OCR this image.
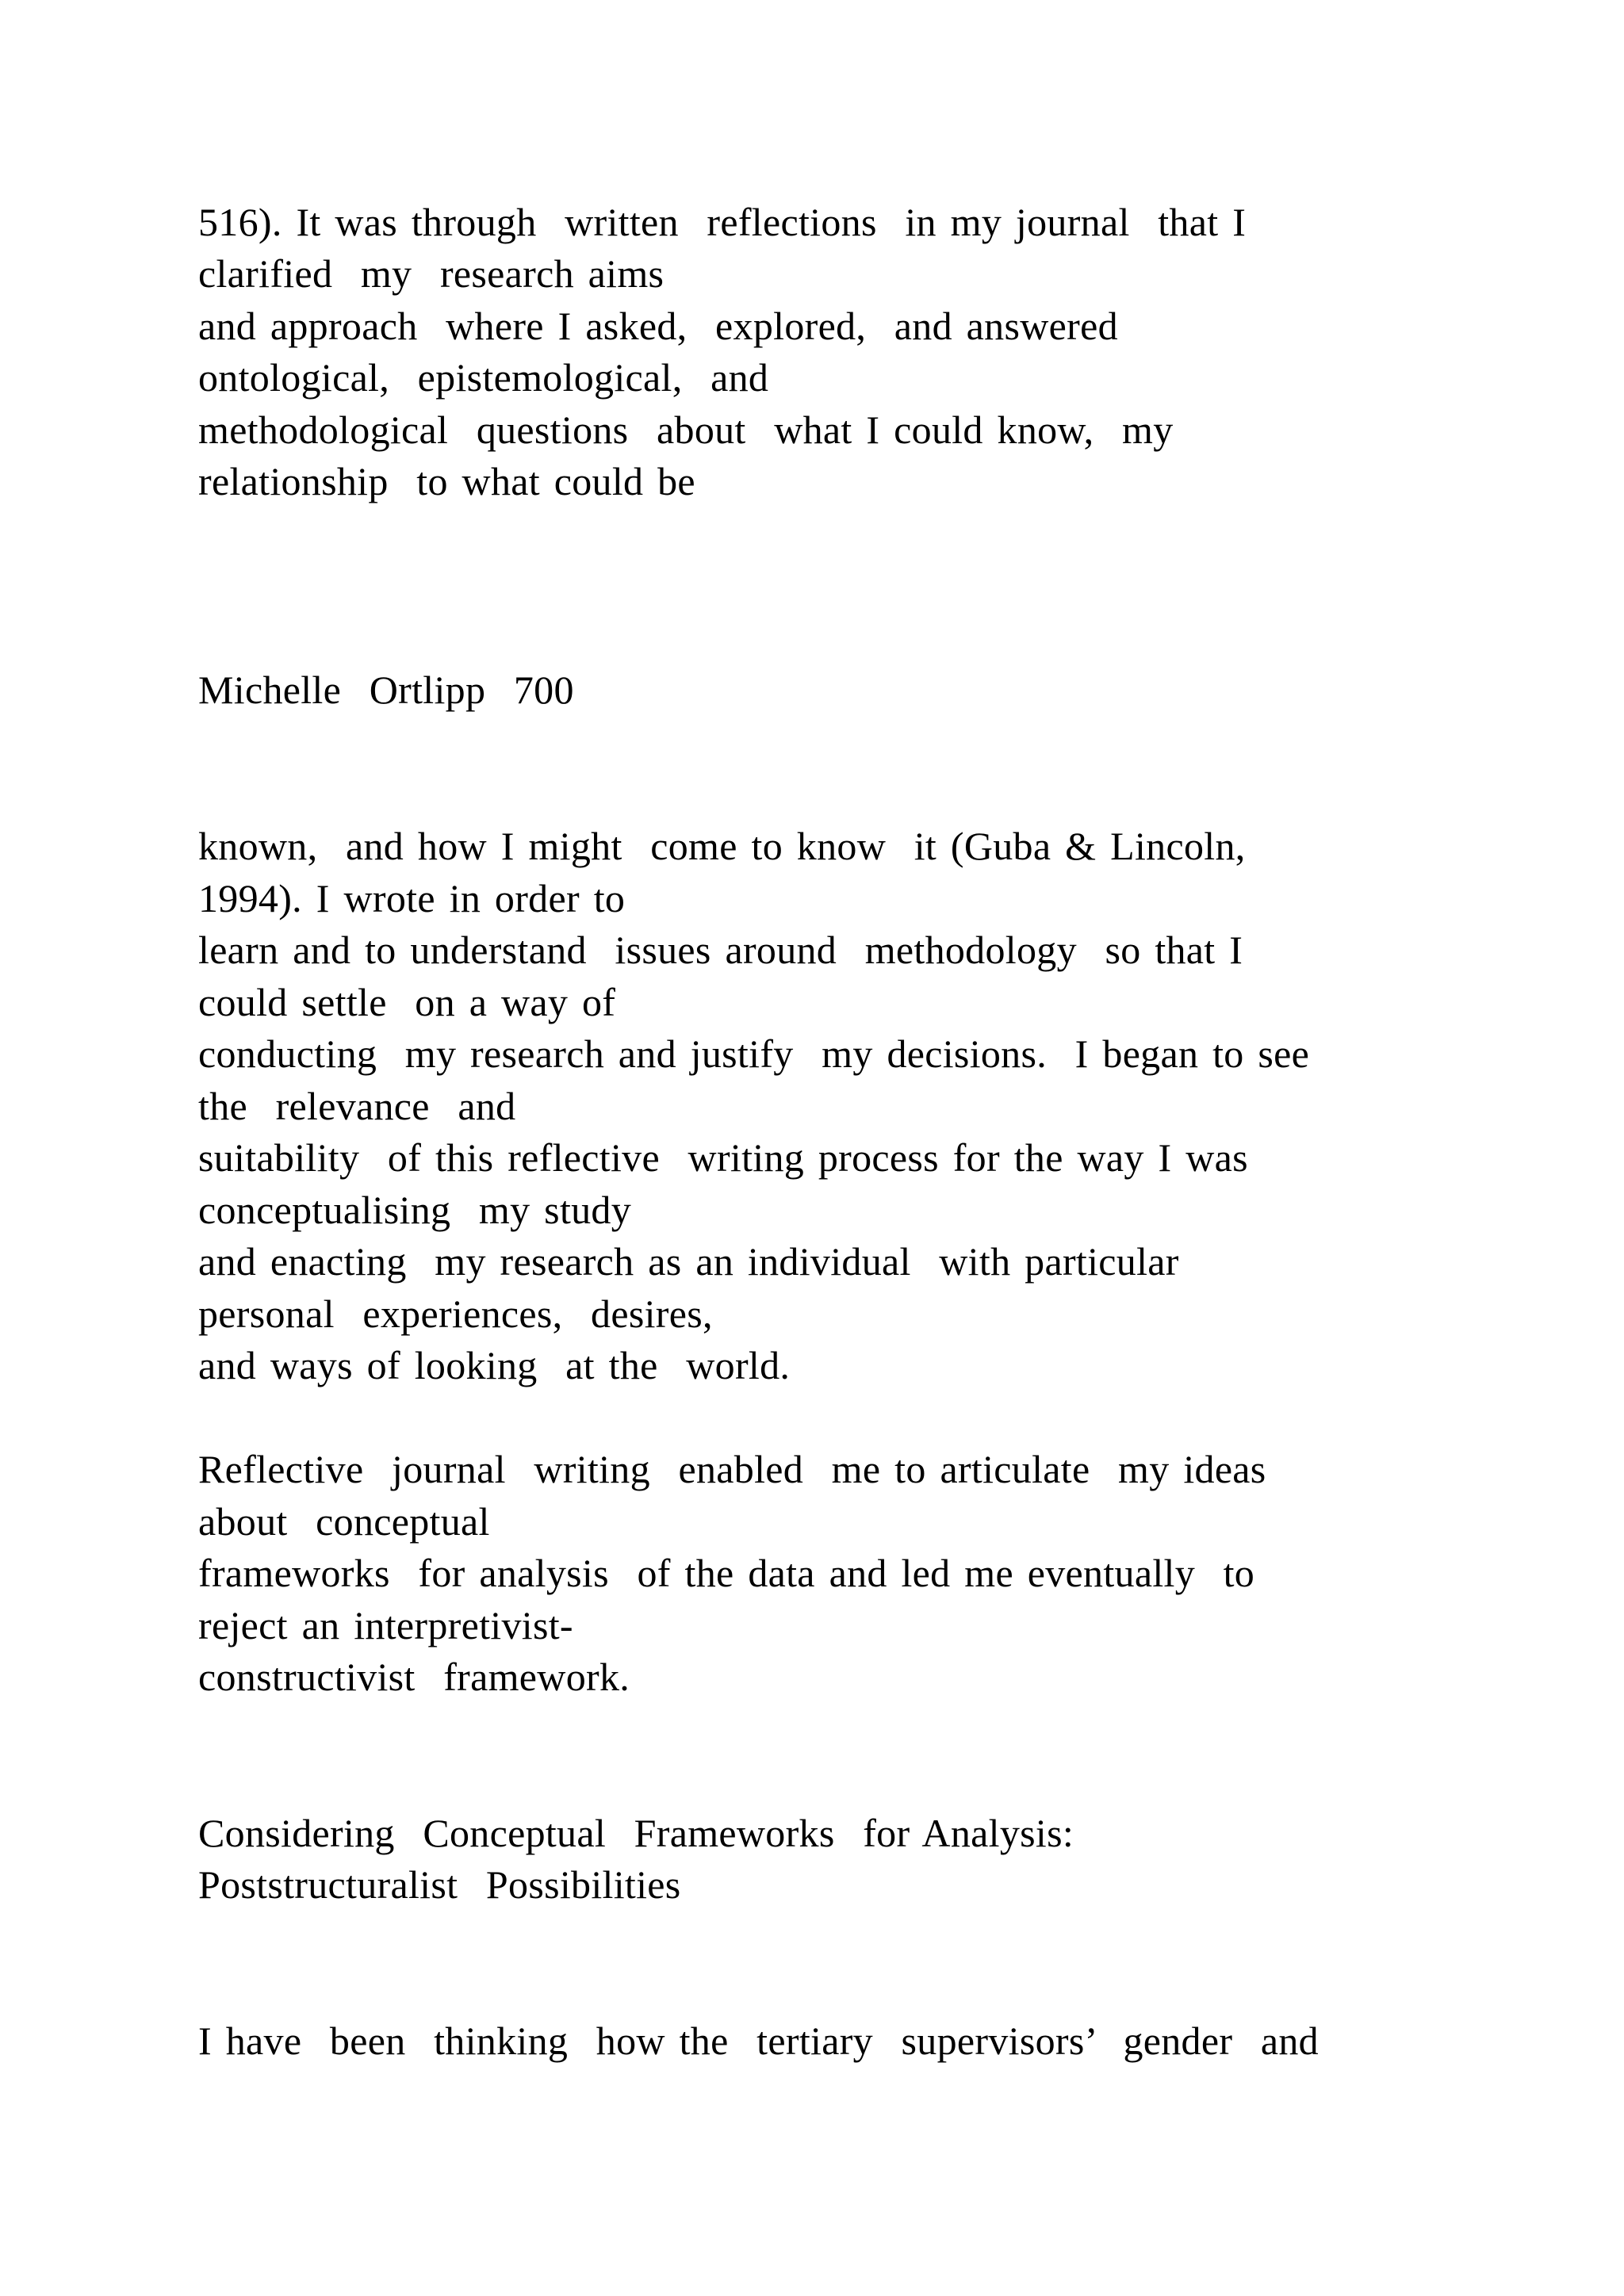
516). It was through  written  reflections  in my journal  that I

clarified  my  research aims

and approach  where I asked,  explored,  and answered

ontological,  epistemological,  and

methodological  questions  about  what I could know,  my

relationship  to what could be

Michelle  Ortlipp 700

known,  and how I might  come to know  it (Guba & Lincoln,

1994). I wrote in order to

learn and to understand  issues around  methodology  so that I

could settle  on a way of

conducting  my research and justify  my decisions.  I began to see

the  relevance  and

suitability  of this reflective  writing process for the way I was

conceptualising  my study

and enacting  my research as an individual  with particular

personal  experiences,  desires,

and ways of looking  at the  world.

Reflective  journal  writing  enabled  me to articulate  my ideas

about  conceptual

frameworks  for analysis  of the data and led me eventually  to

reject an interpretivist-

constructivist  framework.

Considering  Conceptual  Frameworks  for Analysis:

Poststructuralist  Possibilities

I have  been  thinking  how the  tertiary  supervisors’  gender  and
